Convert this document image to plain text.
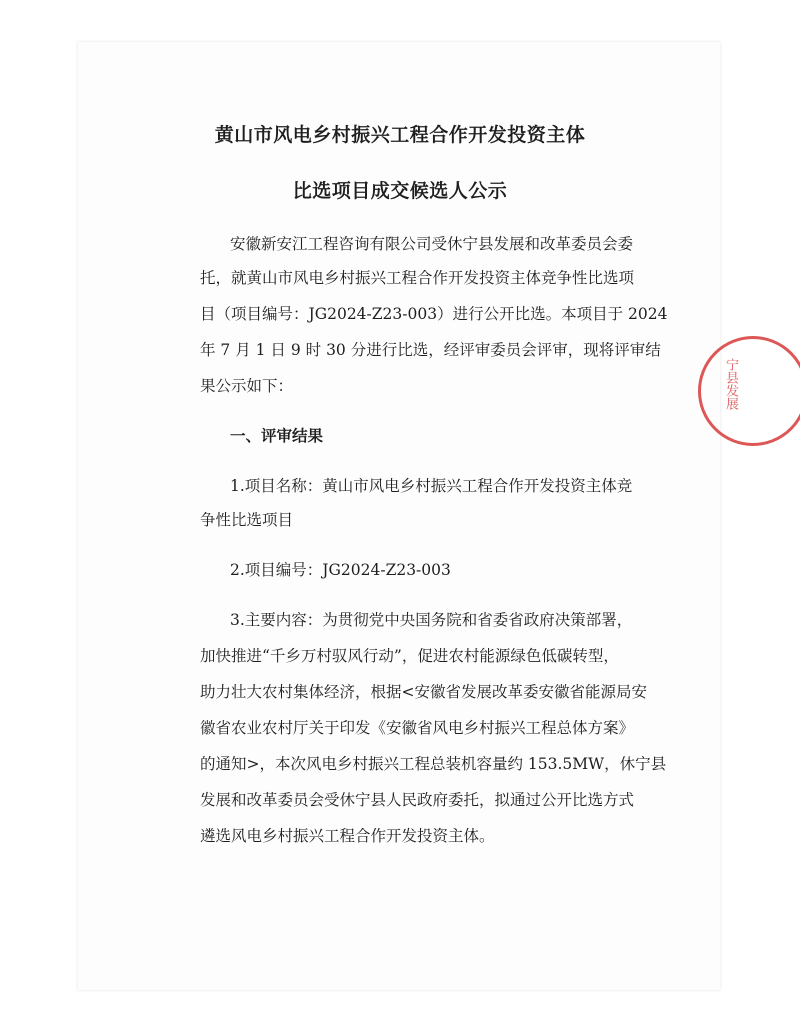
黄山市风电乡村振兴工程合作开发投资主体
比选项目成交候选人公示
安徽新安江工程咨询有限公司受休宁县发展和改革委员会委
托，就黄山市风电乡村振兴工程合作开发投资主体竞争性比选项
目（项目编号：JG2024-Z23-003）进行公开比选。本项目于 2024
年 7 月 1 日 9 时 30 分进行比选，经评审委员会评审，现将评审结
果公示如下：
一、评审结果
1.项目名称：黄山市风电乡村振兴工程合作开发投资主体竞
争性比选项目
2.项目编号：JG2024-Z23-003
3.主要内容：为贯彻党中央国务院和省委省政府决策部署，
加快推进“千乡万村驭风行动”，促进农村能源绿色低碳转型，
助力壮大农村集体经济，根据<安徽省发展改革委安徽省能源局安
徽省农业农村厅关于印发《安徽省风电乡村振兴工程总体方案》
的通知>，本次风电乡村振兴工程总装机容量约 153.5MW，休宁县
发展和改革委员会受休宁县人民政府委托，拟通过公开比选方式
遴选风电乡村振兴工程合作开发投资主体。
宁县发展
